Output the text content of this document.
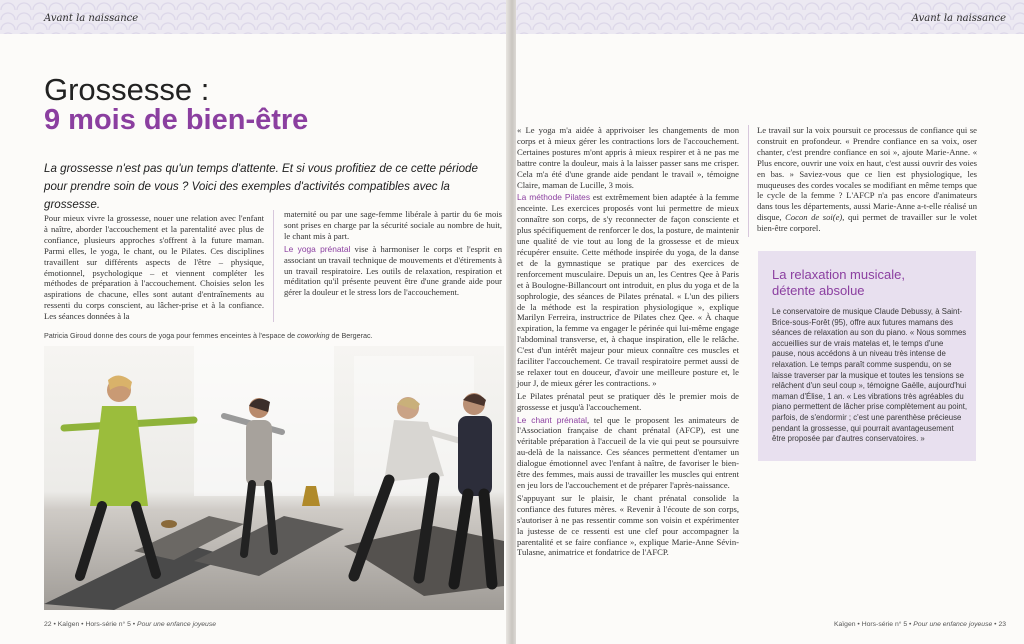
Avant la naissance
Grossesse :
9 mois de bien-être
La grossesse n'est pas qu'un temps d'attente. Et si vous profitiez de ce cette période pour prendre soin de vous ? Voici des exemples d'activités compatibles avec la grossesse.

Pour mieux vivre la grossesse, nouer une relation avec l'enfant à naître, aborder l'accouchement et la parentalité avec plus de confiance, plusieurs approches s'offrent à la future maman. Parmi elles, le yoga, le chant, ou le Pilates. Ces disciplines travaillent sur différents aspects de l'être – physique, émotionnel, psychologique – et viennent compléter les méthodes de préparation à l'accouchement. Choisies selon les aspirations de chacune, elles sont autant d'entraînements au ressenti du corps conscient, au lâcher-prise et à la confiance. Les séances données à la

maternité ou par une sage-femme libérale à partir du 6e mois sont prises en charge par la sécurité sociale au nombre de huit, le chant mis à part.

Le yoga prénatal vise à harmoniser le corps et l'esprit en associant un travail technique de mouvements et d'étirements à un travail respiratoire. Les outils de relaxation, respiration et méditation qu'il présente peuvent être d'une grande aide pour gérer la douleur et le stress lors de l'accouchement.

Patricia Giroud donne des cours de yoga pour femmes enceintes à l'espace de coworking de Bergerac.
22 • Kaïgen • Hors-série n° 5 • Pour une enfance joyeuse
Avant la naissance
Kaïgen • Hors-série n° 5 • Pour une enfance joyeuse • 23

« Le yoga m'a aidée à apprivoiser les changements de mon corps et à mieux gérer les contractions lors de l'accouchement. Certaines postures m'ont appris à mieux respirer et à ne pas me battre contre la douleur, mais à la laisser passer sans me crisper. Cela m'a été d'une grande aide pendant le travail », témoigne Claire, maman de Lucille, 3 mois.

La méthode Pilates est extrêmement bien adaptée à la femme enceinte. Les exercices proposés vont lui permettre de mieux connaître son corps, de s'y reconnecter de façon consciente et plus spécifiquement de renforcer le dos, la posture, de maintenir une qualité de vie tout au long de la grossesse et de mieux récupérer ensuite. Cette méthode inspirée du yoga, de la danse et de la gymnastique se pratique par des exercices de renforcement musculaire. Depuis un an, les Centres Qee à Paris et à Boulogne-Billancourt ont introduit, en plus du yoga et de la sophrologie, des séances de Pilates prénatal. « L'un des piliers de la méthode est la respiration physiologique », explique Marilyn Ferreira, instructrice de Pilates chez Qee. « À chaque expiration, la femme va engager le périnée qui lui-même engage l'abdominal transverse, et, à chaque inspiration, elle le relâche. C'est d'un intérêt majeur pour mieux connaître ces muscles et faciliter l'accouchement. Ce travail respiratoire permet aussi de se relaxer tout en douceur, d'avoir une meilleure posture et, le jour J, de mieux gérer les contractions. »

Le Pilates prénatal peut se pratiquer dès le premier mois de grossesse et jusqu'à l'accouchement.

Le chant prénatal, tel que le proposent les animateurs de l'Association française de chant prénatal (AFCP), est une véritable préparation à l'accueil de la vie qui peut se poursuivre au-delà de la naissance. Ces séances permettent d'entamer un dialogue émotionnel avec l'enfant à naître, de favoriser le bien-être des femmes, mais aussi de travailler les muscles qui entrent en jeu lors de l'accouchement et de préparer l'après-naissance.

S'appuyant sur le plaisir, le chant prénatal consolide la confiance des futures mères. « Revenir à l'écoute de son corps, s'autoriser à ne pas ressentir comme son voisin et expérimenter la justesse de ce ressenti est une clef pour accompagner la parentalité et se faire confiance », explique Marie-Anne Sévin-Tulasne, animatrice et fondatrice de l'AFCP.

Le travail sur la voix poursuit ce processus de confiance qui se construit en profondeur. « Prendre confiance en sa voix, oser chanter, c'est prendre confiance en soi », ajoute Marie-Anne. « Plus encore, ouvrir une voix en haut, c'est aussi ouvrir des voies en bas. » Saviez-vous que ce lien est physiologique, les muqueuses des cordes vocales se modifiant en même temps que le cycle de la femme ? L'AFCP n'a pas encore d'animateurs dans tous les départements, aussi Marie-Anne a-t-elle réalisé un disque, Cocon de soi(e), qui permet de travailler sur le volet bien-être corporel.

La relaxation musicale,
détente absolue
Le conservatoire de musique Claude Debussy, à Saint-Brice-sous-Forêt (95), offre aux futures mamans des séances de relaxation au son du piano. « Nous sommes accueillies sur de vrais matelas et, le temps d'une pause, nous accédons à un niveau très intense de relaxation. Le temps paraît comme suspendu, on se laisse traverser par la musique et toutes les tensions se relâchent d'un seul coup », témoigne Gaëlle, aujourd'hui maman d'Élise, 1 an. « Les vibrations très agréables du piano permettent de lâcher prise complètement au point, parfois, de s'endormir ; c'est une parenthèse précieuse pendant la grossesse, qui pourrait avantageusement être proposée par d'autres conservatoires. »
